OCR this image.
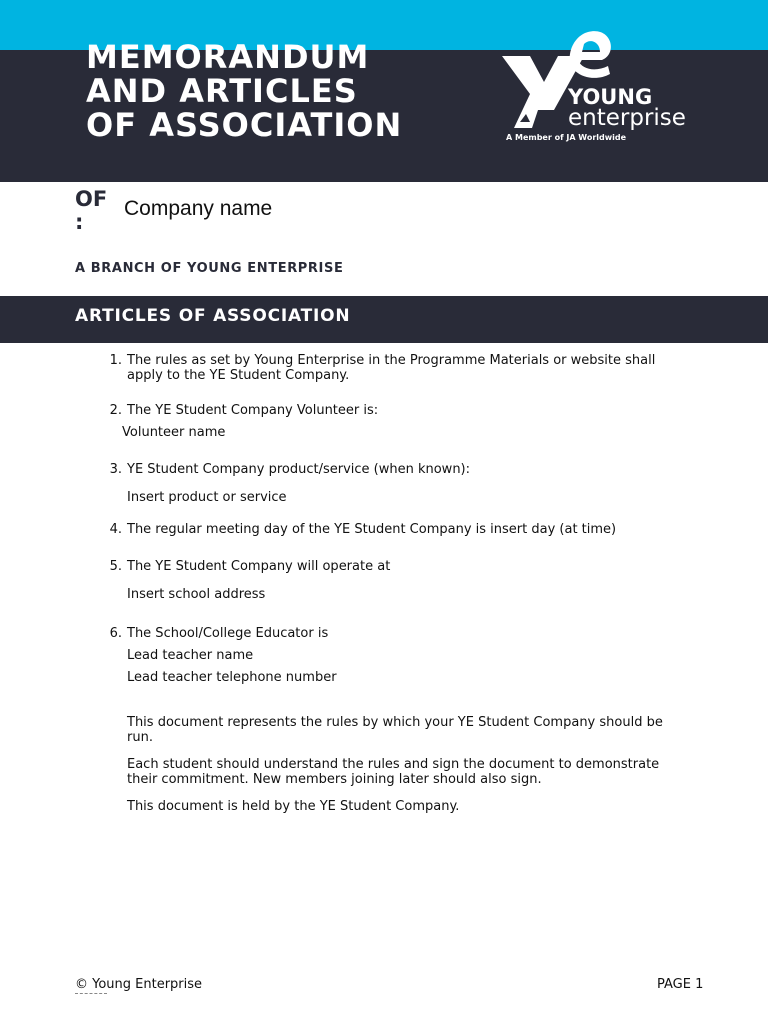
MEMORANDUM
AND ARTICLES
OF ASSOCIATION
YOUNG
enterprise
A Member of JA Worldwide
OF
:
Company name
A BRANCH OF YOUNG ENTERPRISE
ARTICLES OF ASSOCIATION
1. The rules as set by Young Enterprise in the Programme Materials or website shall
apply to the YE Student Company.
2. The YE Student Company Volunteer is:
Volunteer name
3. YE Student Company product/service (when known):
Insert product or service
4. The regular meeting day of the YE Student Company is insert day (at time)
5. The YE Student Company will operate at
Insert school address
6. The School/College Educator is
Lead teacher name
Lead teacher telephone number
This document represents the rules by which your YE Student Company should be
run.
Each student should understand the rules and sign the document to demonstrate
their commitment. New members joining later should also sign.
This document is held by the YE Student Company.
© Young Enterprise	PAGE 1
